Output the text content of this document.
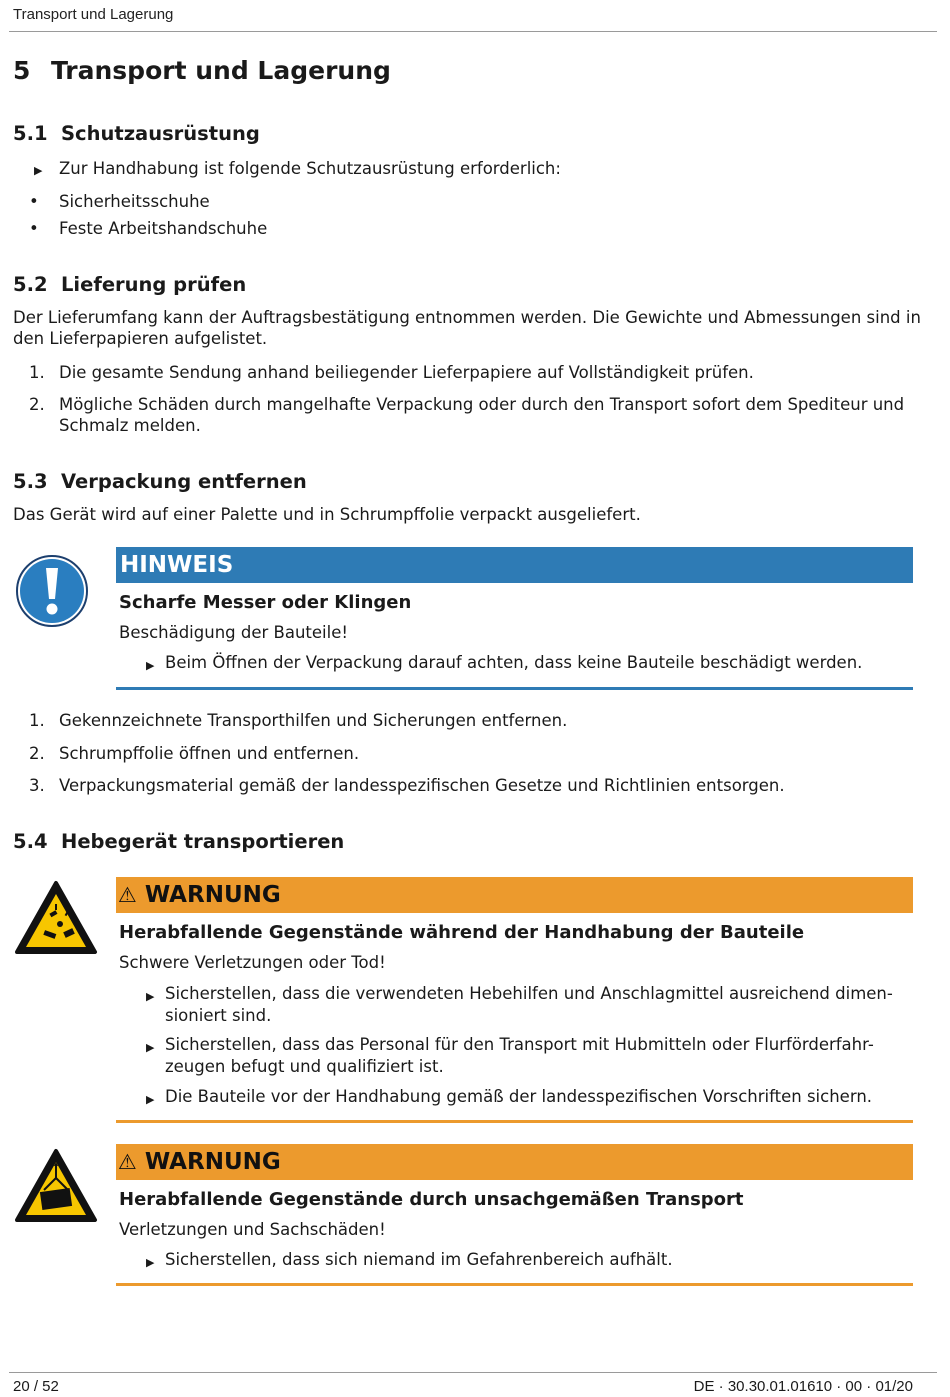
Transport und Lagerung
5 Transport und Lagerung
5.1 Schutzausrüstung
▶ Zur Handhabung ist folgende Schutzausrüstung erforderlich:
• Sicherheitsschuhe
• Feste Arbeitshandschuhe
5.2 Lieferung prüfen
Der Lieferumfang kann der Auftragsbestätigung entnommen werden. Die Gewichte und Abmessungen sind in den Lieferpapieren aufgelistet.
1. Die gesamte Sendung anhand beiliegender Lieferpapiere auf Vollständigkeit prüfen.
2. Mögliche Schäden durch mangelhafte Verpackung oder durch den Transport sofort dem Spediteur und Schmalz melden.
5.3 Verpackung entfernen
Das Gerät wird auf einer Palette und in Schrumpffolie verpackt ausgeliefert.
HINWEIS
Scharfe Messer oder Klingen
Beschädigung der Bauteile!
▶ Beim Öffnen der Verpackung darauf achten, dass keine Bauteile beschädigt werden.
1. Gekennzeichnete Transporthilfen und Sicherungen entfernen.
2. Schrumpffolie öffnen und entfernen.
3. Verpackungsmaterial gemäß der landesspezifischen Gesetze und Richtlinien entsorgen.
5.4 Hebegerät transportieren
⚠ WARNUNG
Herabfallende Gegenstände während der Handhabung der Bauteile
Schwere Verletzungen oder Tod!
▶ Sicherstellen, dass die verwendeten Hebehilfen und Anschlagmittel ausreichend dimen-sioniert sind.
▶ Sicherstellen, dass das Personal für den Transport mit Hubmitteln oder Flurförderfahr-zeugen befugt und qualifiziert ist.
▶ Die Bauteile vor der Handhabung gemäß der landesspezifischen Vorschriften sichern.
⚠ WARNUNG
Herabfallende Gegenstände durch unsachgemäßen Transport
Verletzungen und Sachschäden!
▶ Sicherstellen, dass sich niemand im Gefahrenbereich aufhält.
20 / 52	DE · 30.30.01.01610 · 00 · 01/20
